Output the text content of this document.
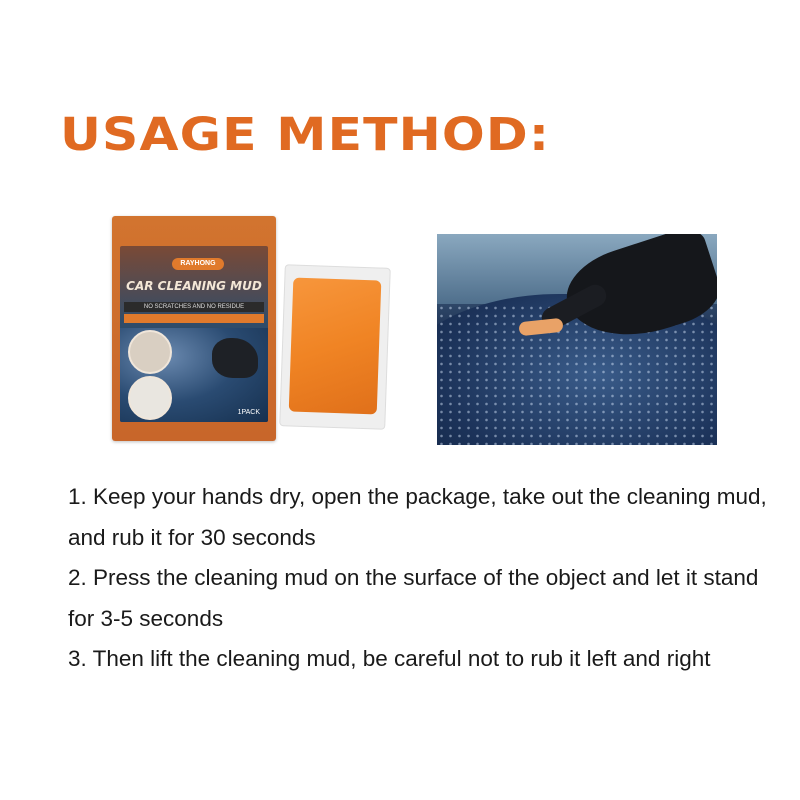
USAGE METHOD:
RAYHONG
CAR CLEANING MUD
NO SCRATCHES AND NO RESIDUE
1PACK
1. Keep your hands dry, open the package, take out the cleaning mud, and rub it for 30 seconds
2. Press the cleaning mud on the surface of the object and let it stand for 3-5 seconds
3. Then lift the cleaning mud, be careful not to rub it left and right
